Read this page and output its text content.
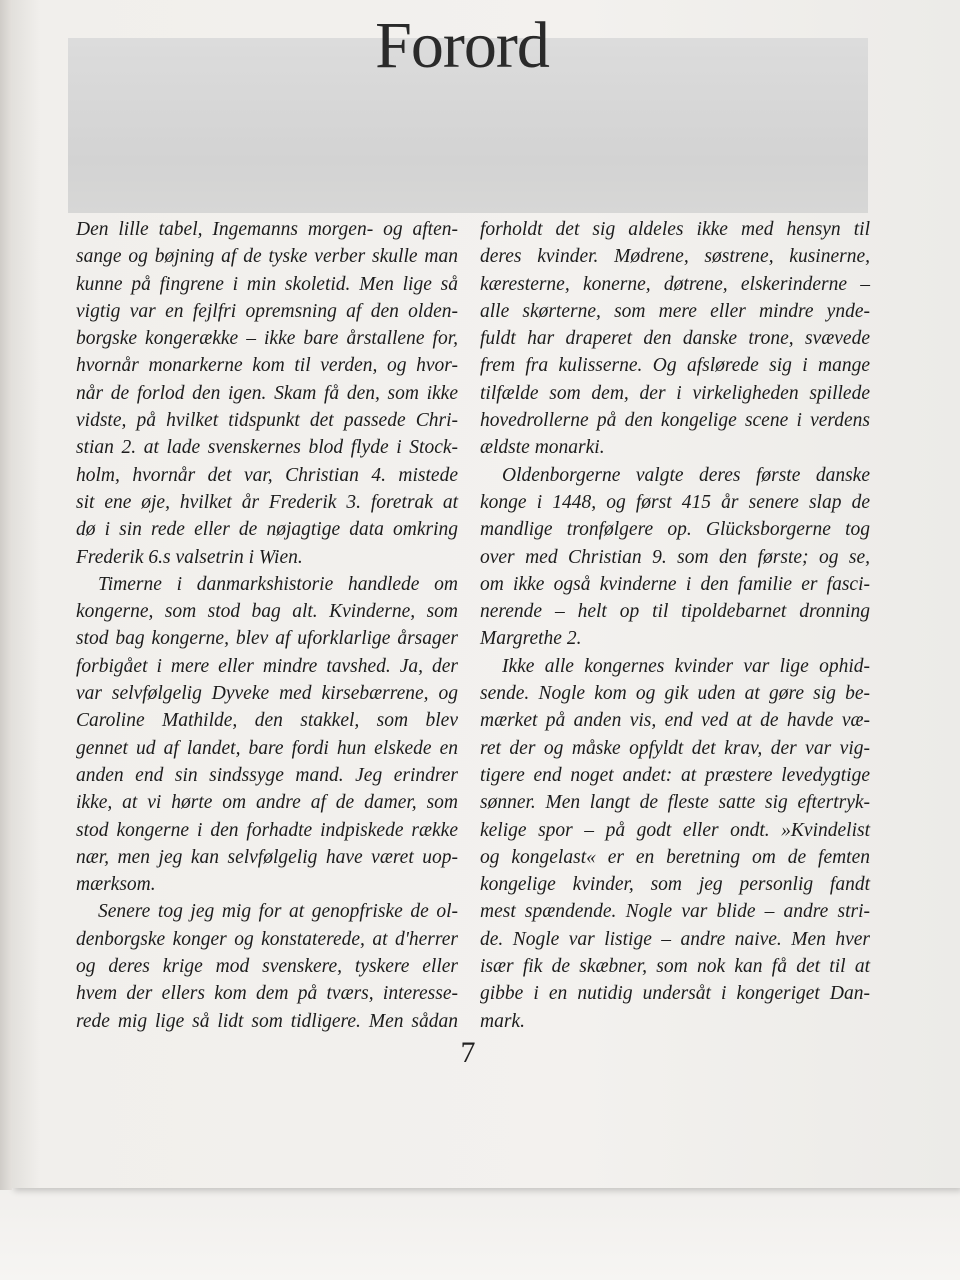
Forord
Den lille tabel, Ingemanns morgen- og aften-
sange og bøjning af de tyske verber skulle man
kunne på fingrene i min skoletid. Men lige så
vigtig var en fejlfri opremsning af den olden-
borgske kongerække – ikke bare årstallene for,
hvornår monarkerne kom til verden, og hvor-
når de forlod den igen. Skam få den, som ikke
vidste, på hvilket tidspunkt det passede Chri-
stian 2. at lade svenskernes blod flyde i Stock-
holm, hvornår det var, Christian 4. mistede
sit ene øje, hvilket år Frederik 3. foretrak at
dø i sin rede eller de nøjagtige data omkring
Frederik 6.s valsetrin i Wien.
Timerne i danmarkshistorie handlede om
kongerne, som stod bag alt. Kvinderne, som
stod bag kongerne, blev af uforklarlige årsager
forbigået i mere eller mindre tavshed. Ja, der
var selvfølgelig Dyveke med kirsebærrene, og
Caroline Mathilde, den stakkel, som blev
gennet ud af landet, bare fordi hun elskede en
anden end sin sindssyge mand. Jeg erindrer
ikke, at vi hørte om andre af de damer, som
stod kongerne i den forhadte indpiskede række
nær, men jeg kan selvfølgelig have været uop-
mærksom.
Senere tog jeg mig for at genopfriske de ol-
denborgske konger og konstaterede, at d'herrer
og deres krige mod svenskere, tyskere eller
hvem der ellers kom dem på tværs, interesse-
rede mig lige så lidt som tidligere. Men sådan
forholdt det sig aldeles ikke med hensyn til
deres kvinder. Mødrene, søstrene, kusinerne,
kæresterne, konerne, døtrene, elskerinderne –
alle skørterne, som mere eller mindre ynde-
fuldt har draperet den danske trone, svævede
frem fra kulisserne. Og afslørede sig i mange
tilfælde som dem, der i virkeligheden spillede
hovedrollerne på den kongelige scene i verdens
ældste monarki.
Oldenborgerne valgte deres første danske
konge i 1448, og først 415 år senere slap de
mandlige tronfølgere op. Glücksborgerne tog
over med Christian 9. som den første; og se,
om ikke også kvinderne i den familie er fasci-
nerende – helt op til tipoldebarnet dronning
Margrethe 2.
Ikke alle kongernes kvinder var lige ophid-
sende. Nogle kom og gik uden at gøre sig be-
mærket på anden vis, end ved at de havde væ-
ret der og måske opfyldt det krav, der var vig-
tigere end noget andet: at præstere levedygtige
sønner. Men langt de fleste satte sig eftertryk-
kelige spor – på godt eller ondt. »Kvindelist
og kongelast« er en beretning om de femten
kongelige kvinder, som jeg personlig fandt
mest spændende. Nogle var blide – andre stri-
de. Nogle var listige – andre naive. Men hver
især fik de skæbner, som nok kan få det til at
gibbe i en nutidig undersåt i kongeriget Dan-
mark.
7
